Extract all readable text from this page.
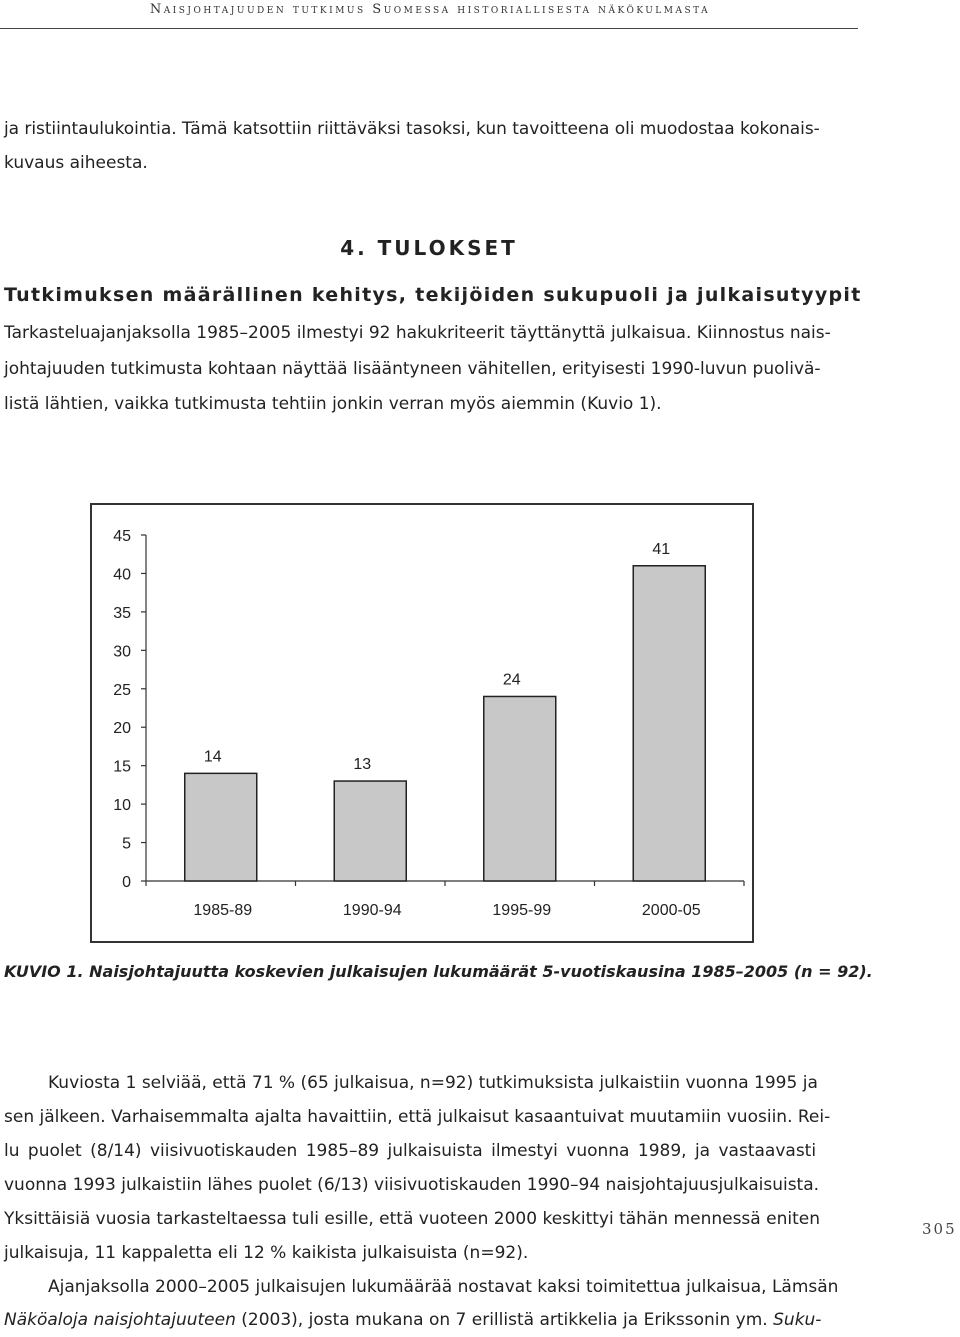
Naisjohtajuuden tutkimus Suomessa historiallisesta näkökulmasta
ja ristiintaulukointia. Tämä katsottiin riittäväksi tasoksi, kun tavoitteena oli muodostaa kokonais-
kuvaus aiheesta.
4. TULOKSET
Tutkimuksen määrällinen kehitys, tekijöiden sukupuoli ja julkaisutyypit
Tarkasteluajanjaksolla 1985–2005 ilmestyi 92 hakukriteerit täyttänyttä julkaisua. Kiinnostus nais-
johtajuuden tutkimusta kohtaan näyttää lisääntyneen vähitellen, erityisesti 1990-luvun puolivä-
listä lähtien, vaikka tutkimusta tehtiin jonkin verran myös aiemmin (Kuvio 1).
0
5
10
15
20
25
30
35
40
45
14
1985-89
13
1990-94
24
1995-99
41
2000-05
KUVIO 1. Naisjohtajuutta koskevien julkaisujen lukumäärät 5-vuotiskausina 1985–2005 (n = 92).
Kuviosta 1 selviää, että 71 % (65 julkaisua, n=92) tutkimuksista julkaistiin vuonna 1995 ja
sen jälkeen. Varhaisemmalta ajalta havaittiin, että julkaisut kasaantuivat muutamiin vuosiin. Rei-
lu puolet (8/14) viisivuotiskauden 1985–89 julkaisuista ilmestyi vuonna 1989, ja vastaavasti
vuonna 1993 julkaistiin lähes puolet (6/13) viisivuotiskauden 1990–94 naisjohtajuusjulkaisuista.
Yksittäisiä vuosia tarkasteltaessa tuli esille, että vuoteen 2000 keskittyi tähän mennessä eniten
julkaisuja, 11 kappaletta eli 12 % kaikista julkaisuista (n=92).
Ajanjaksolla 2000–2005 julkaisujen lukumäärää nostavat kaksi toimitettua julkaisua, Lämsän
Näköaloja naisjohtajuuteen (2003), josta mukana on 7 erillistä artikkelia ja Erikssonin ym. Suku-
305
